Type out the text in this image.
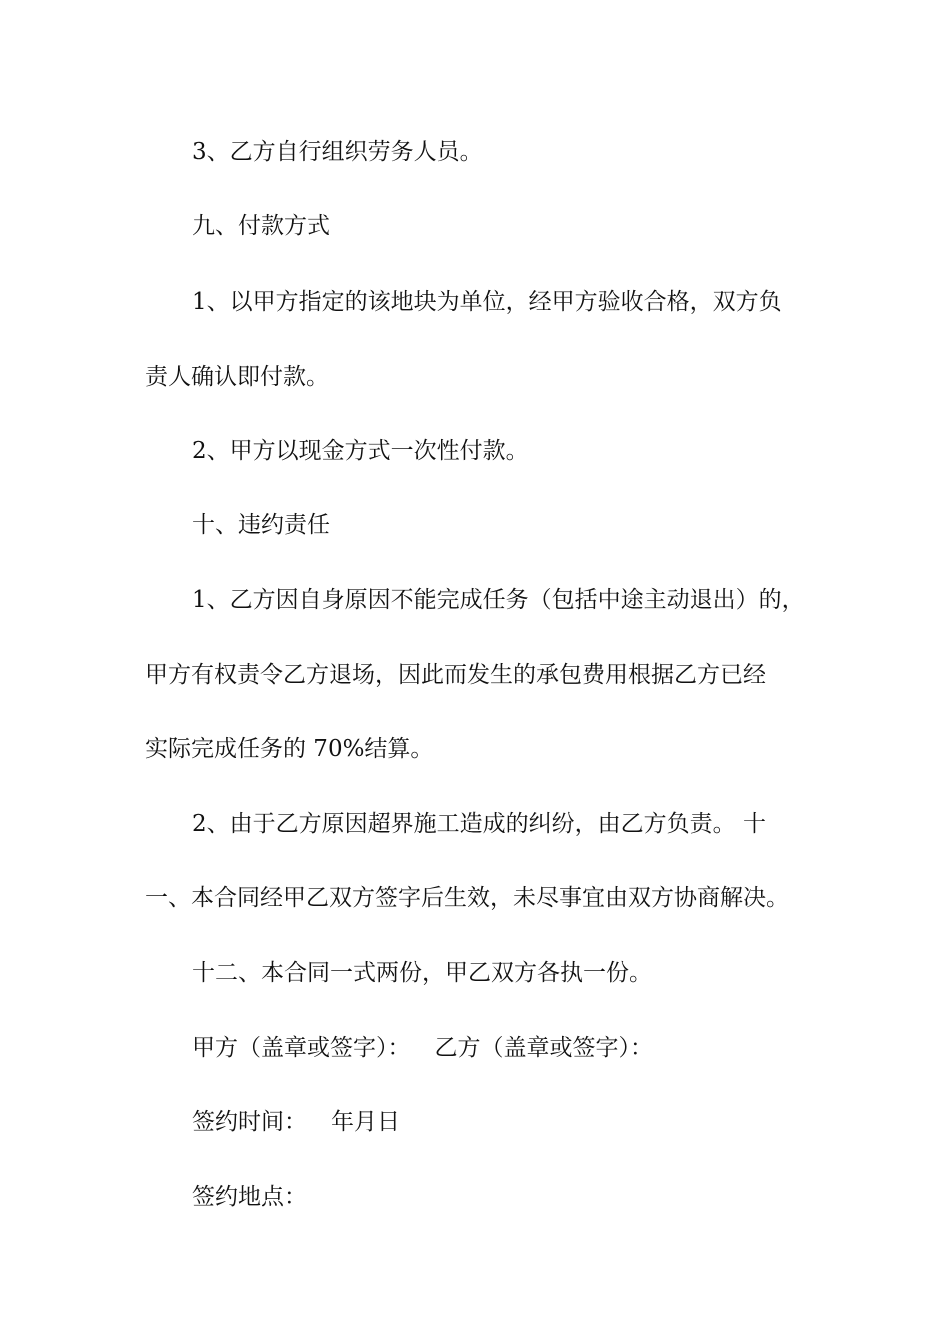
3、乙方自行组织劳务人员。
九、付款方式
1、以甲方指定的该地块为单位，经甲方验收合格，双方负
责人确认即付款。
2、甲方以现金方式一次性付款。
十、违约责任
1、乙方因自身原因不能完成任务（包括中途主动退出）的，
甲方有权责令乙方退场，因此而发生的承包费用根据乙方已经
实际完成任务的 70%结算。
2、由于乙方原因超界施工造成的纠纷，由乙方负责。 十
一、本合同经甲乙双方签字后生效，未尽事宜由双方协商解决。
十二、本合同一式两份，甲乙双方各执一份。
甲方（盖章或签字）： 乙方（盖章或签字）：
签约时间： 年月日
签约地点：
